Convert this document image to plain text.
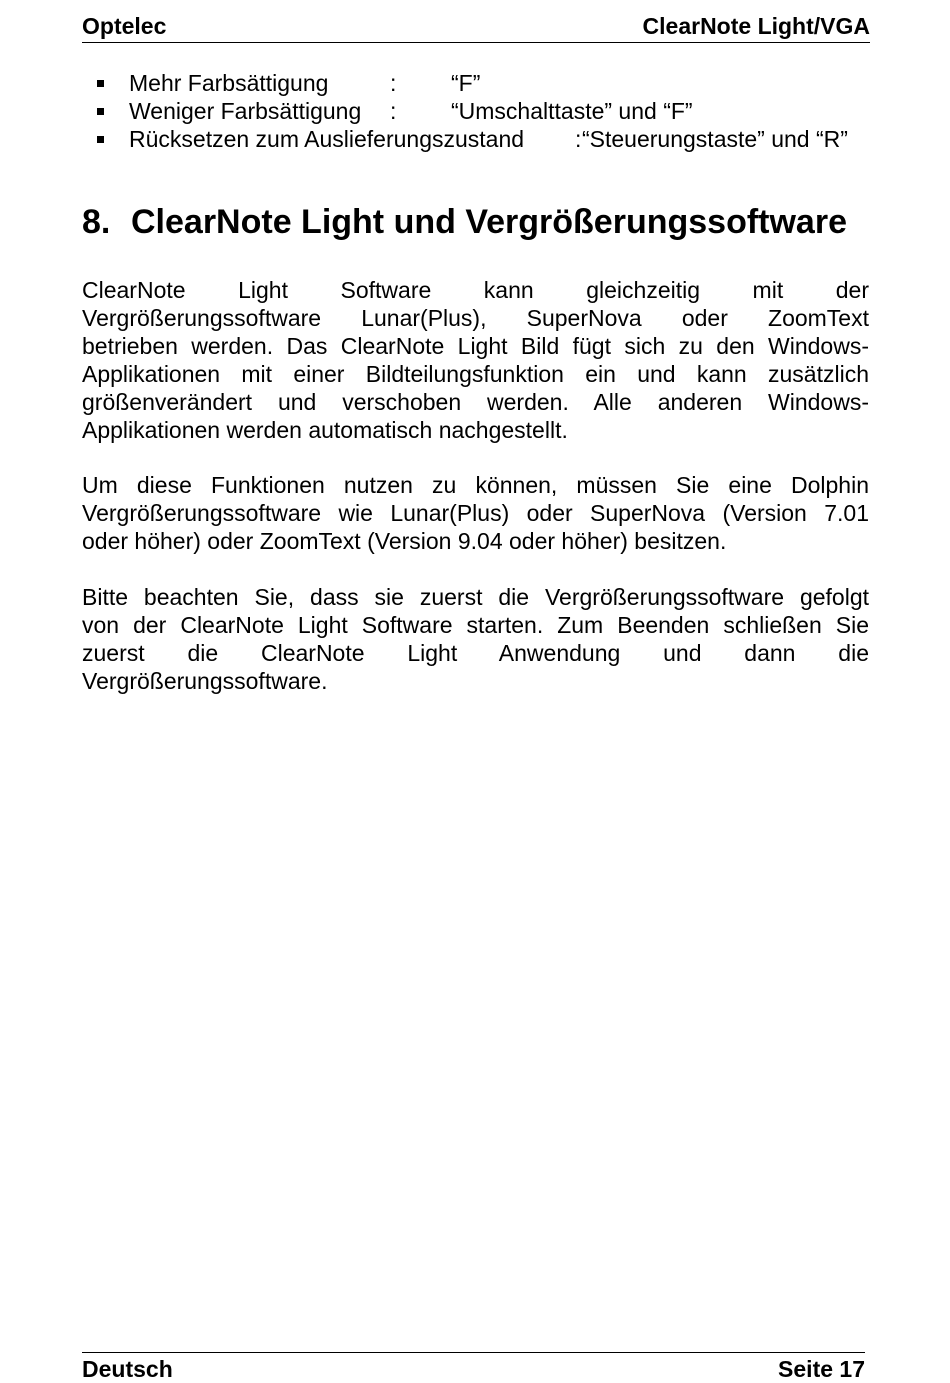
Optelec	ClearNote Light/VGA
Mehr Farbsättigung	: “F”
Weniger Farbsättigung : “Umschalttaste” und “F”
Rücksetzen zum Auslieferungszustand : “Steuerungstaste” und “R”
8. ClearNote Light und Vergrößerungssoftware

ClearNote Light Software kann gleichzeitig mit der
Vergrößerungssoftware Lunar(Plus), SuperNova oder ZoomText
betrieben werden. Das ClearNote Light Bild fügt sich zu den Windows-
Applikationen mit einer Bildteilungsfunktion ein und kann zusätzlich
größenverändert und verschoben werden. Alle anderen Windows-
Applikationen werden automatisch nachgestellt.

Um diese Funktionen nutzen zu können, müssen Sie eine Dolphin
Vergrößerungssoftware wie Lunar(Plus) oder SuperNova (Version 7.01
oder höher) oder ZoomText (Version 9.04 oder höher) besitzen.

Bitte beachten Sie, dass sie zuerst die Vergrößerungssoftware gefolgt
von der ClearNote Light Software starten. Zum Beenden schließen Sie
zuerst die ClearNote Light Anwendung und dann die
Vergrößerungssoftware.

Deutsch	Seite 17
